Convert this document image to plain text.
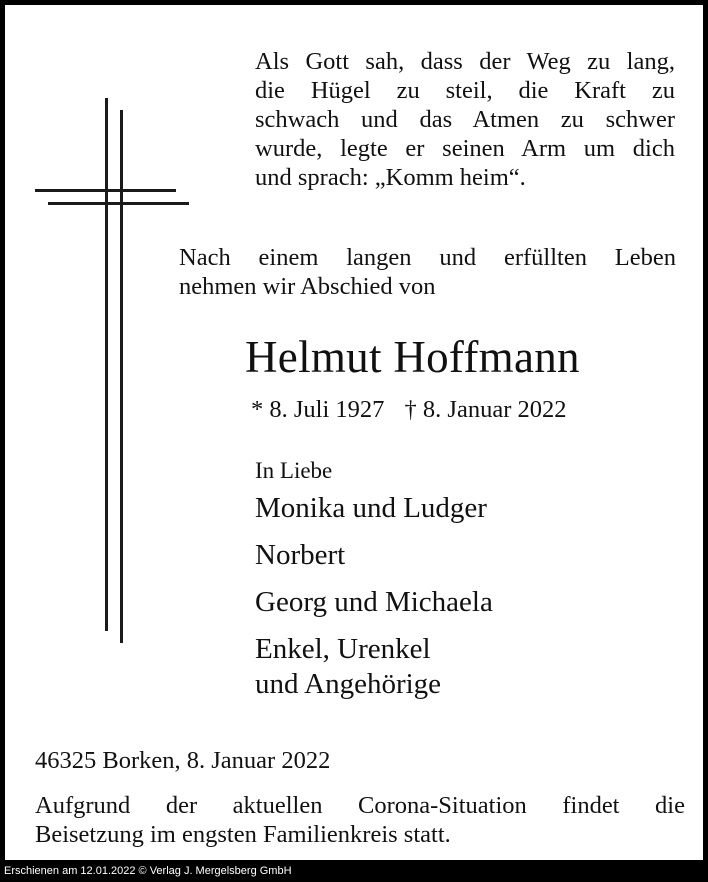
Als Gott sah, dass der Weg zu lang,
die Hügel zu steil, die Kraft zu
schwach und das Atmen zu schwer
wurde, legte er seinen Arm um dich
und sprach: „Komm heim“.
Nach einem langen und erfüllten Leben
nehmen wir Abschied von
Helmut Hoffmann
* 8. Juli 1927 † 8. Januar 2022
In Liebe
Monika und Ludger
Norbert
Georg und Michaela
Enkel, Urenkel
und Angehörige
46325 Borken, 8. Januar 2022
Aufgrund der aktuellen Corona-Situation findet die
Beisetzung im engsten Familienkreis statt.
Erschienen am 12.01.2022 © Verlag J. Mergelsberg GmbH
